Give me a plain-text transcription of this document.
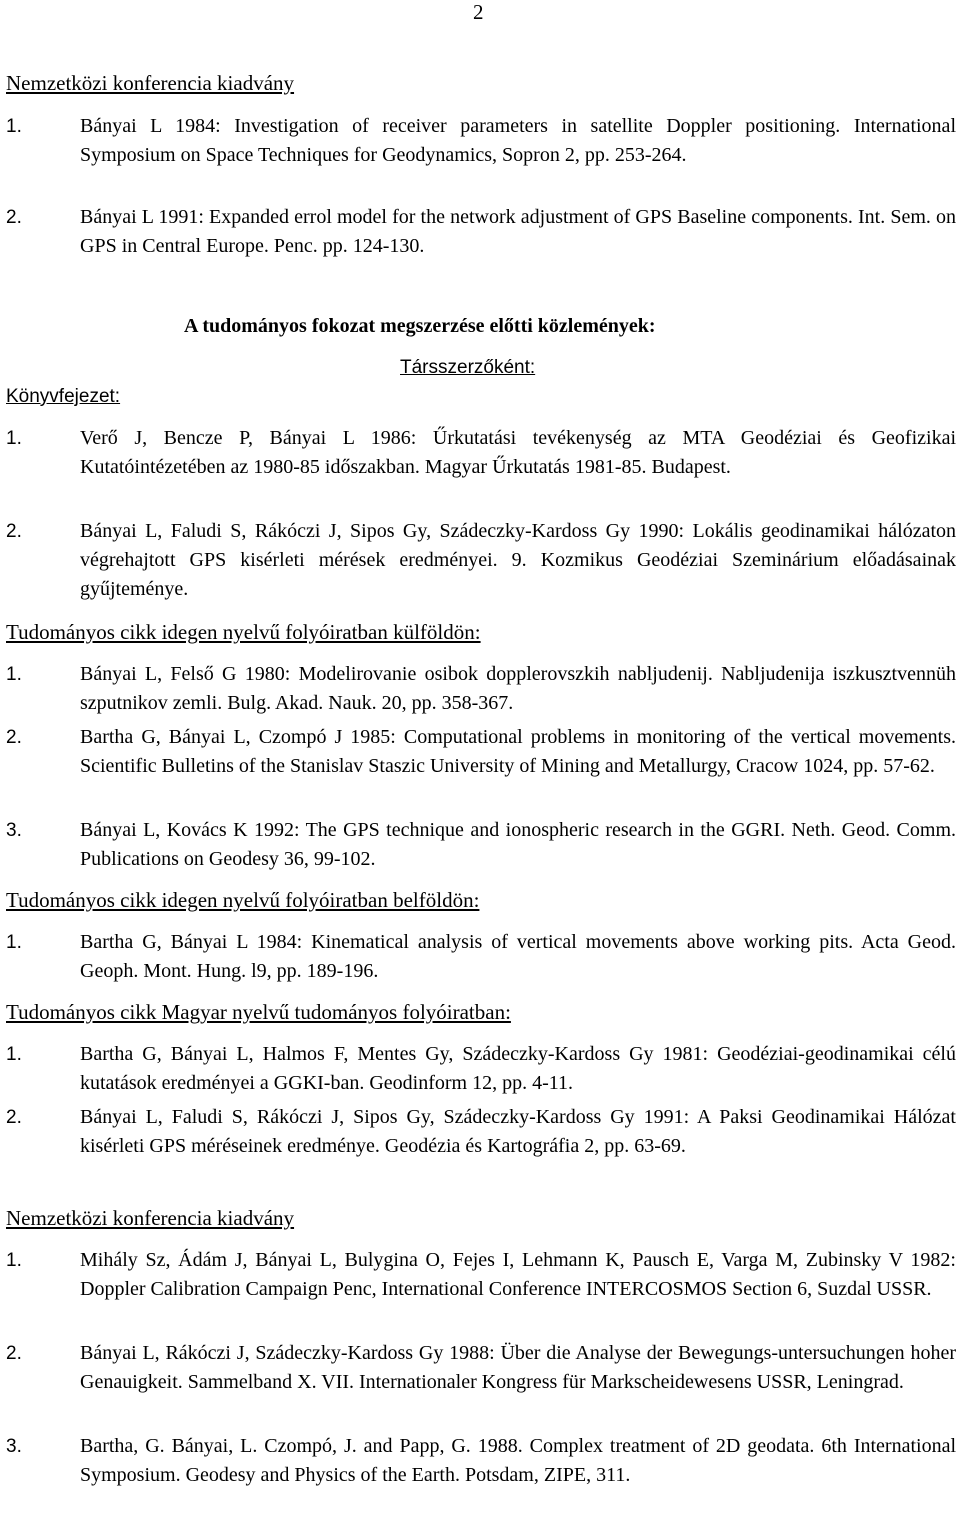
2
Nemzetközi konferencia kiadvány
1.	Bányai L 1984: Investigation of receiver parameters in satellite Doppler positioning. International Symposium on Space Techniques for Geodynamics, Sopron 2, pp. 253-264.
2.	Bányai L 1991: Expanded errol model for the network adjustment of GPS Baseline components. Int. Sem. on GPS in Central Europe. Penc. pp. 124-130.
A tudományos fokozat megszerzése előtti közlemények:
Társszerzőként:
Könyvfejezet:
1.	Verő J, Bencze P, Bányai L 1986: Űrkutatási tevékenység az MTA Geodéziai és Geofizikai Kutatóintézetében az 1980-85 időszakban. Magyar Űrkutatás 1981-85. Budapest.
2.	Bányai L, Faludi S, Rákóczi J, Sipos Gy, Szádeczky-Kardoss Gy 1990: Lokális geodinamikai hálózaton végrehajtott GPS kisérleti mérések eredményei. 9. Kozmikus Geodéziai Szeminárium előadásainak gyűjteménye.
Tudományos cikk idegen nyelvű folyóiratban külföldön:
1.	Bányai L, Felső G 1980: Modelirovanie osibok dopplerovszkih nabljudenij. Nabljudenija iszkusztvennüh szputnikov zemli. Bulg. Akad. Nauk. 20, pp. 358-367.
2.	Bartha G, Bányai L, Czompó J 1985: Computational problems in monitoring of the vertical movements. Scientific Bulletins of the Stanislav Staszic University of Mining and Metallurgy, Cracow 1024, pp. 57-62.
3.	Bányai L, Kovács K 1992: The GPS technique and ionospheric research in the GGRI. Neth. Geod. Comm. Publications on Geodesy 36, 99-102.
Tudományos cikk idegen nyelvű folyóiratban belföldön:
1.	Bartha G, Bányai L 1984: Kinematical analysis of vertical movements above working pits. Acta Geod. Geoph. Mont. Hung. l9, pp. 189-196.
Tudományos cikk Magyar nyelvű tudományos folyóiratban:
1.	Bartha G, Bányai L, Halmos F, Mentes Gy, Szádeczky-Kardoss Gy 1981: Geodéziai-geodinamikai célú kutatások eredményei a GGKI-ban. Geodinform 12, pp. 4-11.
2.	Bányai L, Faludi S, Rákóczi J, Sipos Gy, Szádeczky-Kardoss Gy 1991: A Paksi Geodinamikai Hálózat kisérleti GPS méréseinek eredménye. Geodézia és Kartográfia 2, pp. 63-69.
Nemzetközi konferencia kiadvány
1.	Mihály Sz, Ádám J, Bányai L, Bulygina O, Fejes I, Lehmann K, Pausch E, Varga M, Zubinsky V 1982: Doppler Calibration Campaign Penc, International Conference INTERCOSMOS Section 6, Suzdal USSR.
2.	Bányai L, Rákóczi J, Szádeczky-Kardoss Gy 1988: Über die Analyse der Bewegungs-untersuchungen hoher Genauigkeit. Sammelband X. VII. Internationaler Kongress für Markscheidewesens USSR, Leningrad.
3.	Bartha, G. Bányai, L. Czompó, J. and Papp, G. 1988. Complex treatment of 2D geodata. 6th International Symposium. Geodesy and Physics of the Earth. Potsdam, ZIPE, 311.
